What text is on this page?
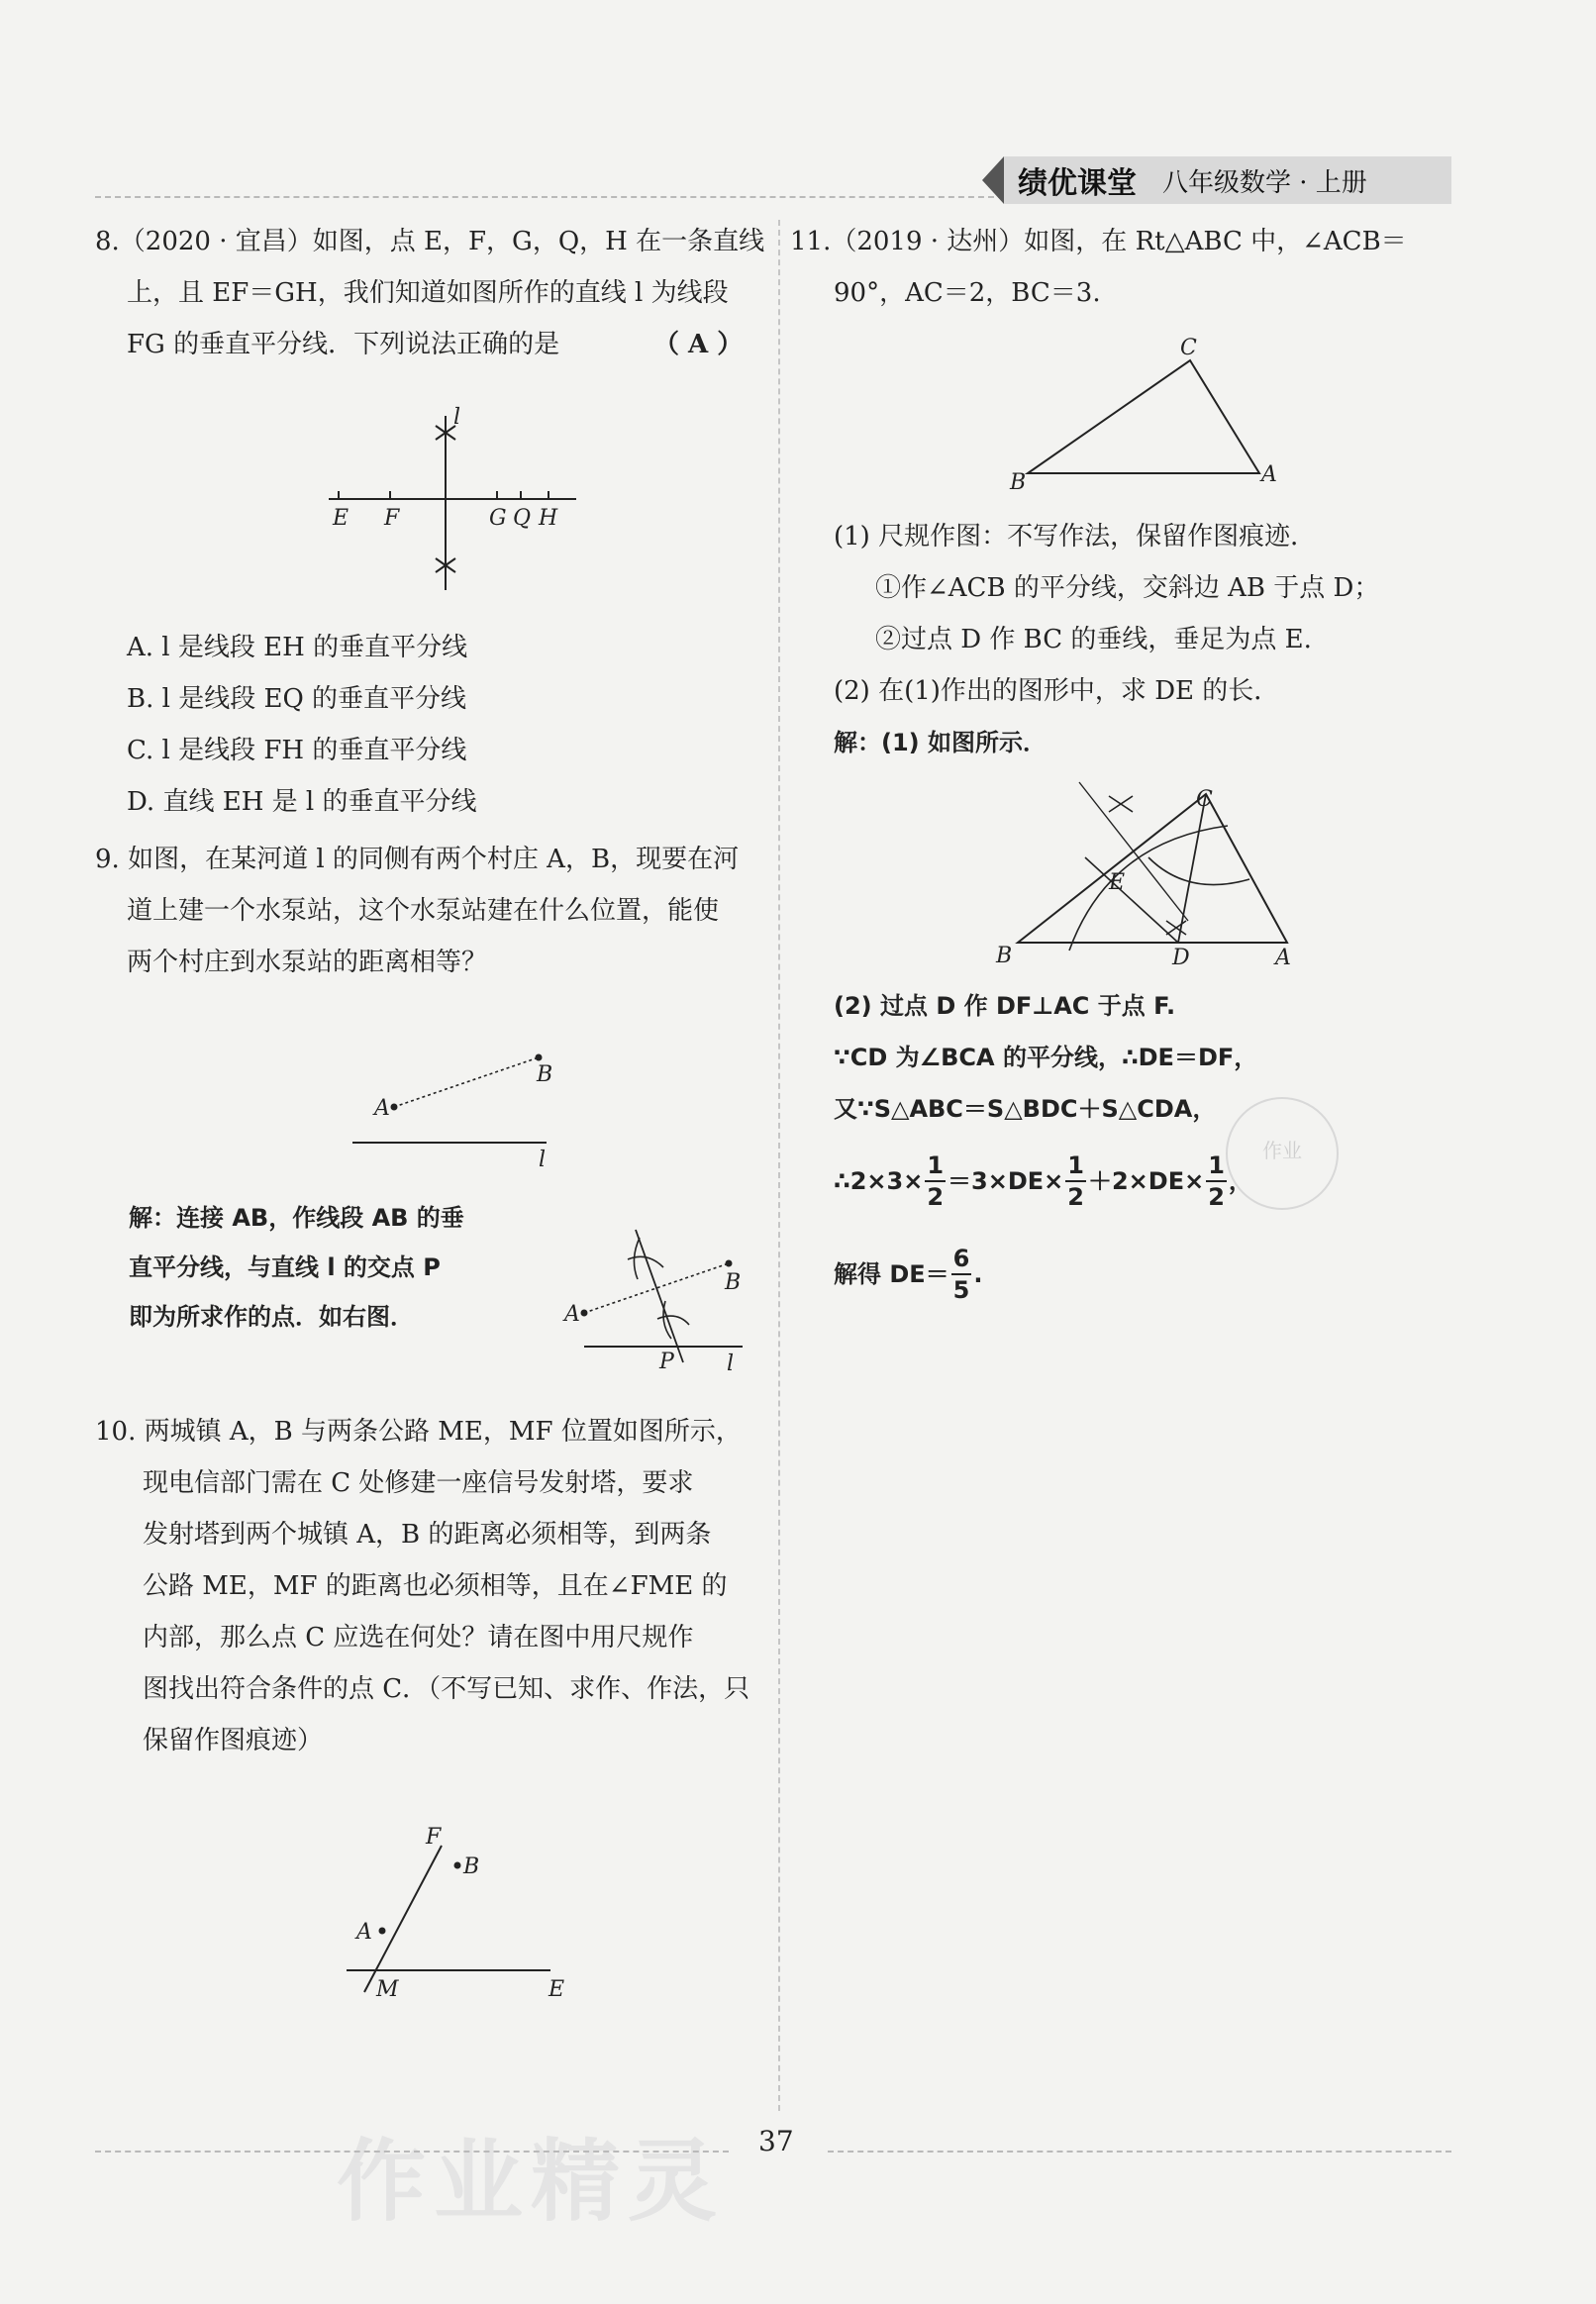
绩优课堂 八年级数学 · 上册
8.（2020 · 宜昌）如图，点 E，F，G，Q，H 在一条直线
上，且 EF＝GH，我们知道如图所作的直线 l 为线段
FG 的垂直平分线．下列说法正确的是	（ A ）
l
E F	G Q H
A. l 是线段 EH 的垂直平分线
B. l 是线段 EQ 的垂直平分线
C. l 是线段 FH 的垂直平分线
D. 直线 EH 是 l 的垂直平分线
9. 如图，在某河道 l 的同侧有两个村庄 A，B，现要在河
道上建一个水泵站，这个水泵站建在什么位置，能使
两个村庄到水泵站的距离相等？
A
B
l
解：连接 AB，作线段 AB 的垂
直平分线，与直线 l 的交点 P
即为所求作的点．如右图．	A
B
P l
10. 两城镇 A，B 与两条公路 ME，MF 位置如图所示，
现电信部门需在 C 处修建一座信号发射塔，要求
发射塔到两个城镇 A，B 的距离必须相等，到两条
公路 ME，MF 的距离也必须相等，且在∠FME 的
内部，那么点 C 应选在何处？请在图中用尺规作
图找出符合条件的点 C．（不写已知、求作、作法，只
保留作图痕迹）
F
B
A
M	E
11.（2019 · 达州）如图，在 Rt△ABC 中，∠ACB＝
90°，AC＝2，BC＝3.
C
B	A
(1) 尺规作图：不写作法，保留作图痕迹．
①作∠ACB 的平分线，交斜边 AB 于点 D；
②过点 D 作 BC 的垂线，垂足为点 E.
(2) 在(1)作出的图形中，求 DE 的长．
解：(1) 如图所示．
C
E
B	D	A
(2) 过点 D 作 DF⊥AC 于点 F.
∵CD 为∠BCA 的平分线，∴DE＝DF，
又∵S△ABC＝S△BDC＋S△CDA，
∴2×3× $\frac{1}{2} =3\times DE\times \frac{1}{2} +2\times DE\times \frac{1}{2}$ ，
解得 $DE= \frac{6}{5}$ .
作业
作业精灵 37
